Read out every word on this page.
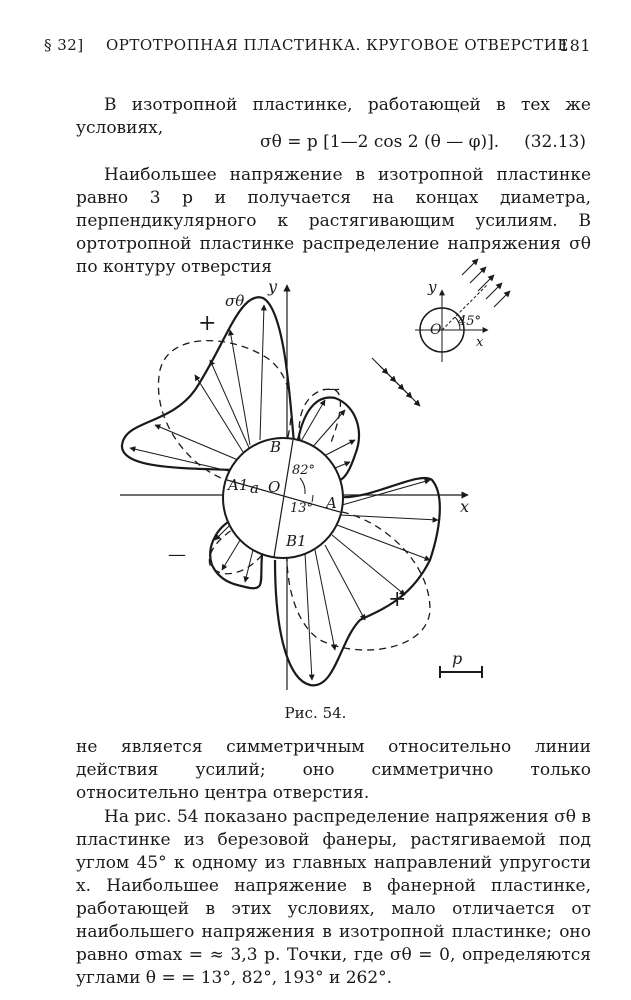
§ 32] ОРТОТРОПНАЯ ПЛАСТИНКА. КРУГОВОЕ ОТВЕРСТИЕ
181
В изотропной пластинке, работающей в тех же условиях,
σθ = p [1—2 cos 2 (θ — φ)]. (32.13)
Наибольшее напряжение в изотропной пластинке равно 3 p и получается на концах диаметра, перпендикулярного к растягивающим усилиям. В ортотропной пластинке распределение напряжения σθ по контуру отверстия
y
x
σθ
+
+
—
—
A
A1
B
B1
a O
82°
13°
p
y
x
O
45°
Рис. 54.
не является симметричным относительно линии действия усилий; оно симметрично только относительно центра отверстия.
На рис. 54 показано распределение напряжения σθ в пластинке из березовой фанеры, растягиваемой под углом 45° к одному из главных направлений упругости x. Наибольшее напряжение в фанерной пластинке, работающей в этих условиях, мало отличается от наибольшего напряжения в изотропной пластинке; оно равно σmax = ≈ 3,3 p. Точки, где σθ = 0, определяются углами θ = = 13°, 82°, 193° и 262°.
